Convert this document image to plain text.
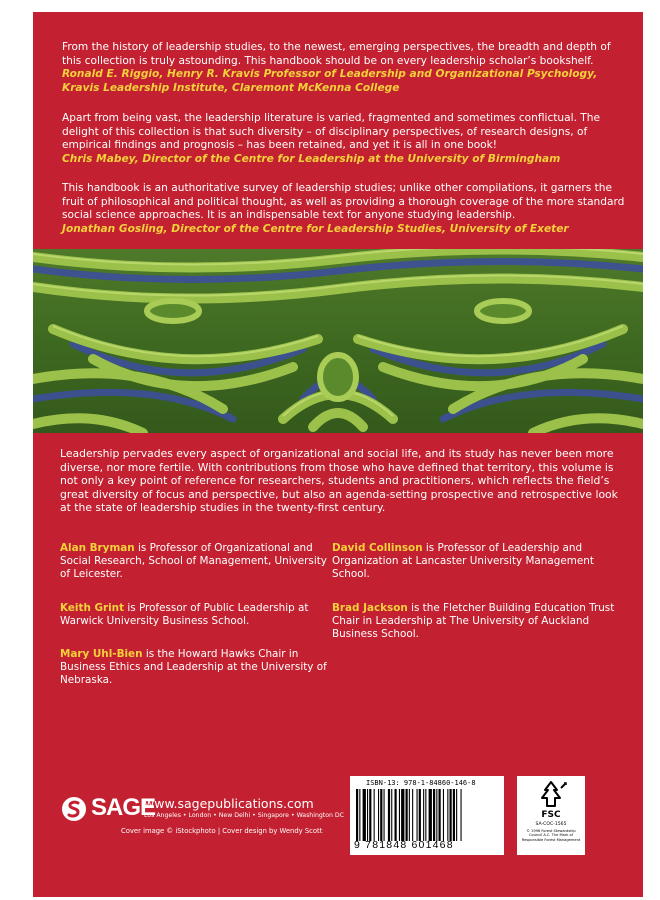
From the history of leadership studies, to the newest, emerging perspectives, the breadth and depth of this collection is truly astounding. This handbook should be on every leadership scholar’s bookshelf.
Ronald E. Riggio, Henry R. Kravis Professor of Leadership and Organizational Psychology, Kravis Leadership Institute, Claremont McKenna College
Apart from being vast, the leadership literature is varied, fragmented and sometimes conflictual. The delight of this collection is that such diversity – of disciplinary perspectives, of research designs, of empirical findings and prognosis – has been retained, and yet it is all in one book!
Chris Mabey, Director of the Centre for Leadership at the University of Birmingham
This handbook is an authoritative survey of leadership studies; unlike other compilations, it garners the fruit of philosophical and political thought, as well as providing a thorough coverage of the more standard social science approaches. It is an indispensable text for anyone studying leadership.
Jonathan Gosling, Director of the Centre for Leadership Studies, University of Exeter
Leadership pervades every aspect of organizational and social life, and its study has never been more diverse, nor more fertile. With contributions from those who have defined that territory, this volume is not only a key point of reference for researchers, students and practitioners, which reflects the field’s great diversity of focus and perspective, but also an agenda-setting prospective and retrospective look at the state of leadership studies in the twenty-first century.
Alan Bryman is Professor of Organizational and Social Research, School of Management, University of Leicester.
Keith Grint is Professor of Public Leadership at Warwick University Business School.
Mary Uhl-Bien is the Howard Hawks Chair in Business Ethics and Leadership at the University of Nebraska.
David Collinson is Professor of Leadership and Organization at Lancaster University Management School.
Brad Jackson is the Fletcher Building Education Trust Chair in Leadership at The University of Auckland Business School.
SAGE
www.sagepublications.com
Los Angeles • London • New Delhi • Singapore • Washington DC
Cover image © iStockphoto | Cover design by Wendy Scott
ISBN-13: 978-1-84860-146-8
9 781848 601468
FSC
SA-COC-1565
© 1996 Forest Stewardship Council A.C. The Mark of Responsible Forest Management
